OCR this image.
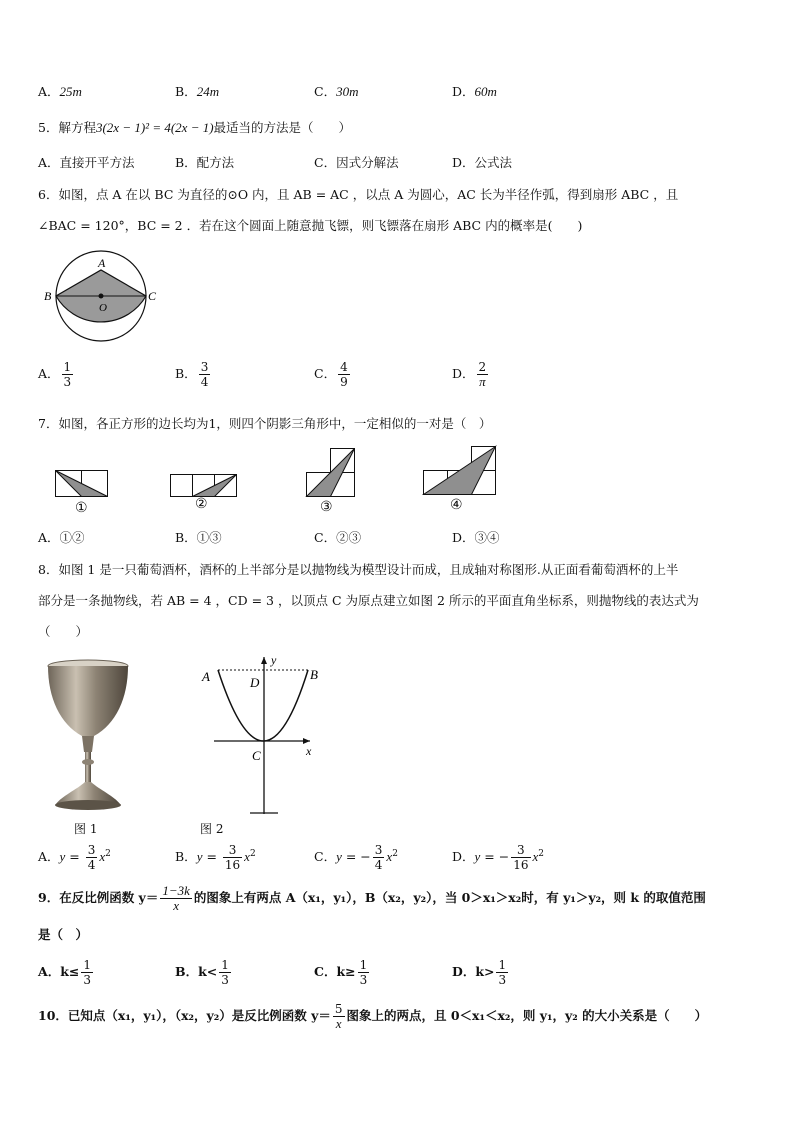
A．25m	B．24m	C．30m	D．60m
5．解方程3(2x − 1)² = 4(2x − 1)最适当的方法是（　　）
A．直接开平方法	B．配方法	C．因式分解法	D．公式法
6．如图，点 A 在以 BC 为直径的⊙O 内，且 AB = AC ，以点 A 为圆心，AC 长为半径作弧，得到扇形 ABC ，且
∠BAC = 120°，BC = 2 ．若在这个圆面上随意抛飞镖，则飞镖落在扇形 ABC 内的概率是(　　)
A
B	C
O
A． $\frac{1}{3}$	B． $\frac{3}{4}$	C． $\frac{4}{9}$	D． $\frac{2}{\pi}$
7．如图，各正方形的边长均为1，则四个阴影三角形中，一定相似的一对是（　）
①	②	③	④
A．①②	B．①③	C．②③	D．③④
8．如图 1 是一只葡萄酒杯，酒杯的上半部分是以抛物线为模型设计而成，且成轴对称图形.从正面看葡萄酒杯的上半
部分是一条抛物线，若 AB = 4 ，CD = 3 ，以顶点 C 为原点建立如图 2 所示的平面直角坐标系，则抛物线的表达式为
（　　）
图 1
y
x
A	B
D
C
图 2
A．$y = \frac{3}{4} x^2$	B．$y = \frac{3}{16} x^2$	C．y = − $\frac{3}{4} x^2$	D．y = − $\frac{3}{16} x^2$
9．在反比例函数 $y= \frac{1-3k}{x}$ 的图象上有两点 A（x₁，y₁），B（x₂，y₂），当 0＞x₁＞x₂时，有 y₁＞y₂，则 k 的取值范围
是（　）
A．$k\le \frac{1}{3}$	B．$k< \frac{1}{3}$	C．$k\ge \frac{1}{3}$	D．$k> \frac{1}{3}$
10．已知点（x₁，y₁），（x₂，y₂）是反比例函数 $y= \frac{5}{x}$ 图象上的两点，且 0＜x₁＜x₂，则 y₁，y₂ 的大小关系是（　　）
